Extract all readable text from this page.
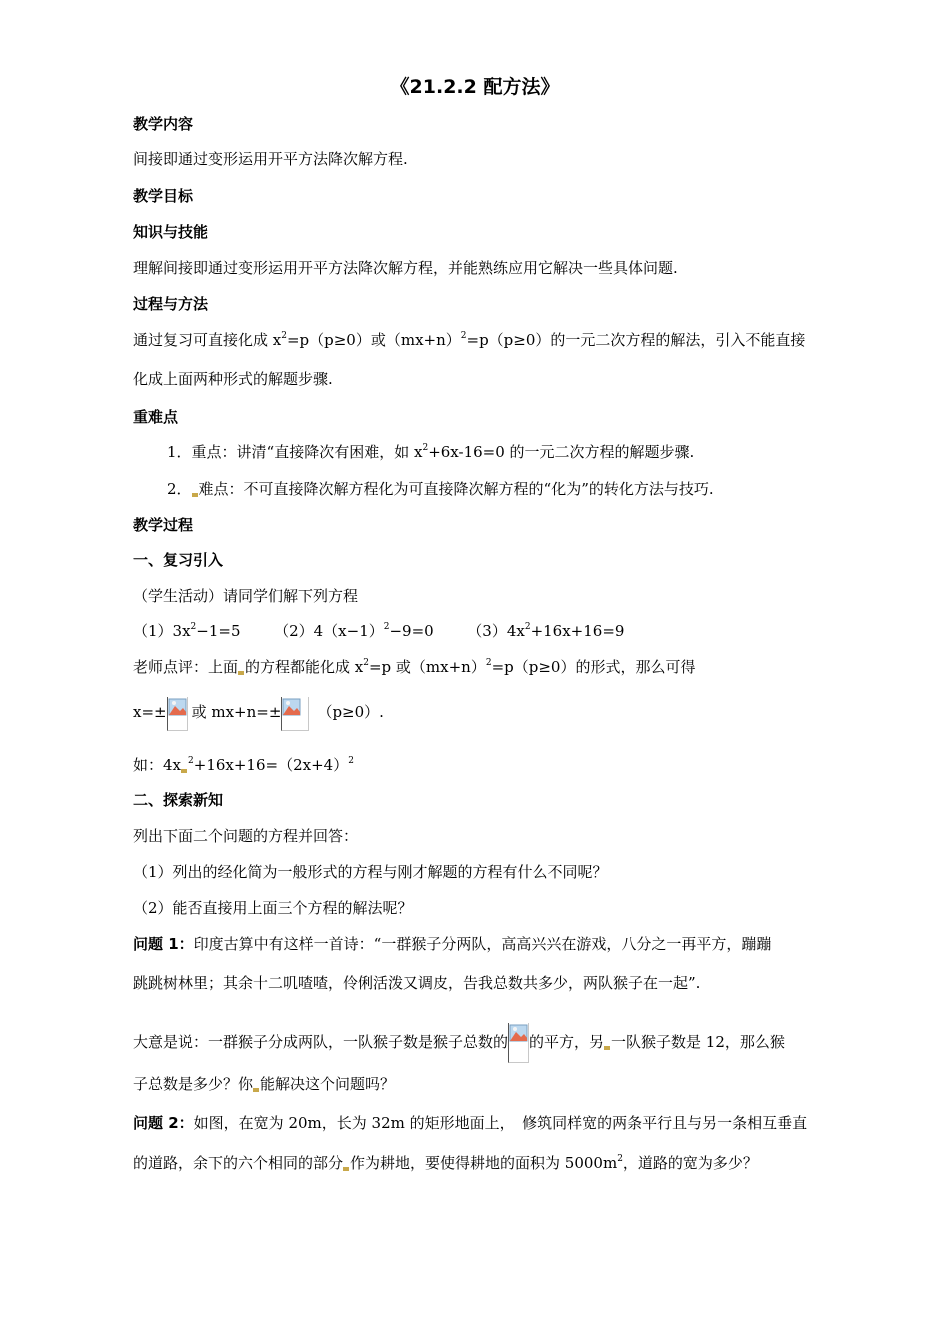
《21.2.2 配方法》
教学内容
间接即通过变形运用开平方法降次解方程.
教学目标
知识与技能
理解间接即通过变形运用开平方法降次解方程，并能熟练应用它解决一些具体问题.
过程与方法
通过复习可直接化成 $x^2=p(p\ge 0)$或$(mx+n)^2=p(p\ge 0)$的一元二次方程的解法，引入不能直接
化成上面两种形式的解题步骤.
重难点
1．重点：讲清“直接降次有困难，如 $x^2+6x-16=0$ 的一元二次方程的解题步骤.
2． 难点：不可直接降次解方程化为可直接降次解方程的“化为”的转化方法与技巧.
教学过程
一、复习引入
（学生活动）请同学们解下列方程
$(1)3x^2-1=5$ $(2)4(x-1)^2-9=0$ $(3)4x^2+16x+16=9$
老师点评：上面 的方程都能化成 $x^2=p$ 或$(mx+n)^2=p(p\ge 0)$的形式，那么可得
x=± 或 mx+n=± （p≥0）.
如：4x $^2+16x+16=(2x+4)^2$
二、探索新知
列出下面二个问题的方程并回答：
（1）列出的经化简为一般形式的方程与刚才解题的方程有什么不同呢？
（2）能否直接用上面三个方程的解法呢？
问题 1：印度古算中有这样一首诗：“一群猴子分两队，高高兴兴在游戏，八分之一再平方，蹦蹦
跳跳树林里；其余十二叽喳喳，伶俐活泼又调皮，告我总数共多少，两队猴子在一起”.
大意是说：一群猴子分成两队，一队猴子数是猴子总数的 的平方，另 一队猴子数是 12，那么猴
子总数是多少？你 能解决这个问题吗？
问题 2：如图，在宽为 20m，长为 32m 的矩形地面上，　修筑同样宽的两条平行且与另一条相互垂直
的道路，余下的六个相同的部分 作为耕地，要使得耕地的面积为 $5000m^2$，道路的宽为多少？
